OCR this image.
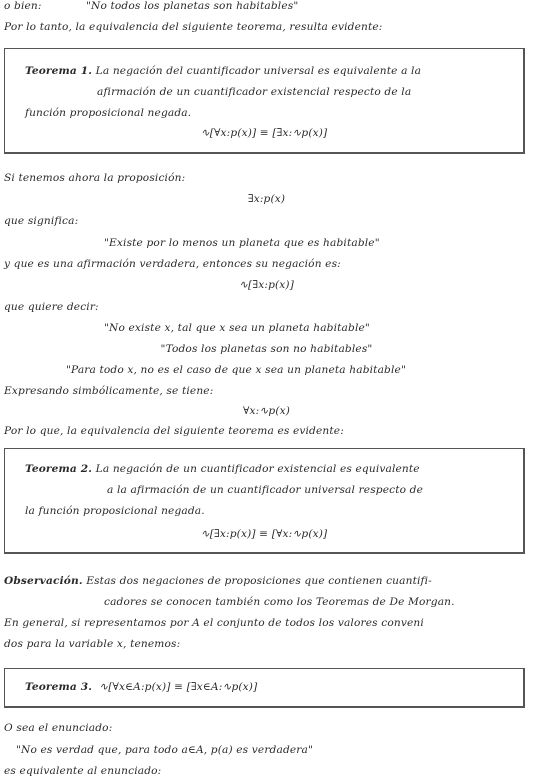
o bien:	"No todos los planetas son habitables"
Por lo tanto, la equivalencia del siguiente teorema, resulta evidente:
Teorema 1. La negación del cuantificador universal es equivalente a la
afirmación de un cuantificador existencial respecto de la
función proposicional negada.
∿[∀x:p(x)] ≡ [∃x:∿p(x)]
Si tenemos ahora la proposición:
∃x:p(x)
que significa:
"Existe por lo menos un planeta que es habitable"
y que es una afirmación verdadera, entonces su negación es:
∿[∃x:p(x)]
que quiere decir:
"No existe x, tal que x sea un planeta habitable"
"Todos los planetas son no habitables"
"Para todo x, no es el caso de que x sea un planeta habitable"
Expresando simbólicamente, se tiene:
∀x:∿p(x)
Por lo que, la equivalencia del siguiente teorema es evidente:
Teorema 2. La negación de un cuantificador existencial es equivalente
a la afirmación de un cuantificador universal respecto de
la función proposicional negada.
∿[∃x:p(x)] ≡ [∀x:∿p(x)]
Observación. Estas dos negaciones de proposiciones que contienen cuantifi-
cadores se conocen también como los Teoremas de De Morgan.
En general, si representamos por A el conjunto de todos los valores conveni
dos para la variable x, tenemos:
Teorema 3. ∿[∀x∈A:p(x)] ≡ [∃x∈A:∿p(x)]
O sea el enunciado:
"No es verdad que, para todo a∈A, p(a) es verdadera"
es equivalente al enunciado:
